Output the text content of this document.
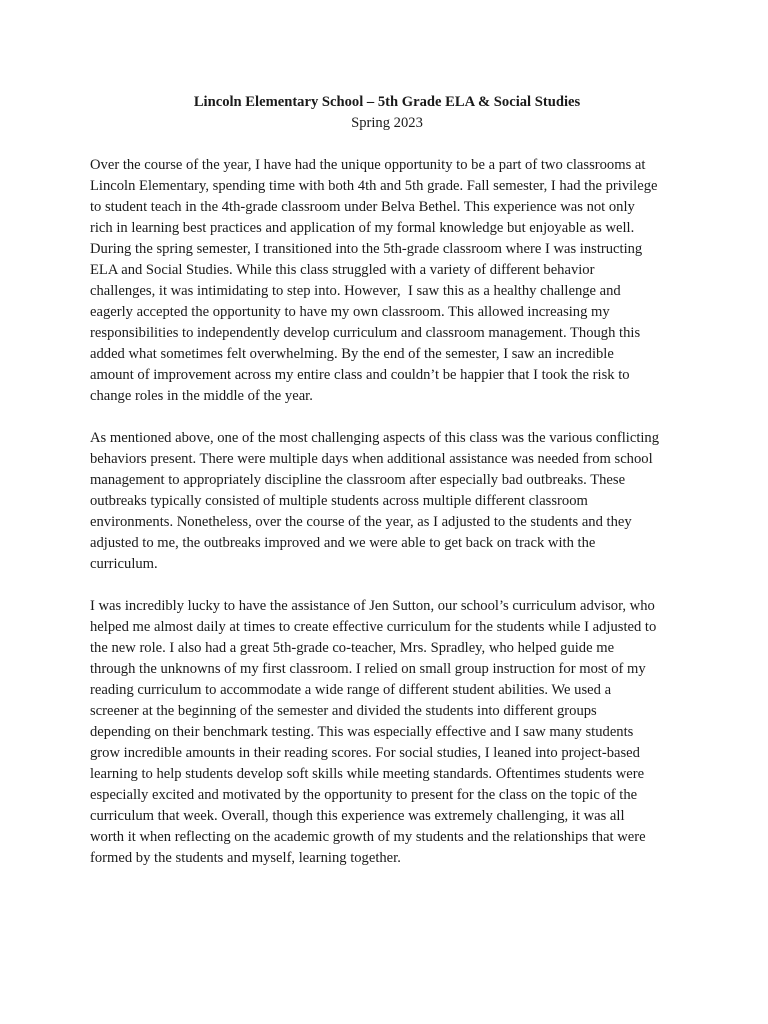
Lincoln Elementary School – 5th Grade ELA & Social Studies

Spring 2023

Over the course of the year, I have had the unique opportunity to be a part of two classrooms at
Lincoln Elementary, spending time with both 4th and 5th grade. Fall semester, I had the privilege
to student teach in the 4th-grade classroom under Belva Bethel. This experience was not only
rich in learning best practices and application of my formal knowledge but enjoyable as well.
During the spring semester, I transitioned into the 5th-grade classroom where I was instructing
ELA and Social Studies. While this class struggled with a variety of different behavior
challenges, it was intimidating to step into. However,  I saw this as a healthy challenge and
eagerly accepted the opportunity to have my own classroom. This allowed increasing my
responsibilities to independently develop curriculum and classroom management. Though this
added what sometimes felt overwhelming. By the end of the semester, I saw an incredible
amount of improvement across my entire class and couldn’t be happier that I took the risk to
change roles in the middle of the year.

As mentioned above, one of the most challenging aspects of this class was the various conflicting
behaviors present. There were multiple days when additional assistance was needed from school
management to appropriately discipline the classroom after especially bad outbreaks. These
outbreaks typically consisted of multiple students across multiple different classroom
environments. Nonetheless, over the course of the year, as I adjusted to the students and they
adjusted to me, the outbreaks improved and we were able to get back on track with the
curriculum.

I was incredibly lucky to have the assistance of Jen Sutton, our school’s curriculum advisor, who
helped me almost daily at times to create effective curriculum for the students while I adjusted to
the new role. I also had a great 5th-grade co-teacher, Mrs. Spradley, who helped guide me
through the unknowns of my first classroom. I relied on small group instruction for most of my
reading curriculum to accommodate a wide range of different student abilities. We used a
screener at the beginning of the semester and divided the students into different groups
depending on their benchmark testing. This was especially effective and I saw many students
grow incredible amounts in their reading scores. For social studies, I leaned into project-based
learning to help students develop soft skills while meeting standards. Oftentimes students were
especially excited and motivated by the opportunity to present for the class on the topic of the
curriculum that week. Overall, though this experience was extremely challenging, it was all
worth it when reflecting on the academic growth of my students and the relationships that were
formed by the students and myself, learning together.
